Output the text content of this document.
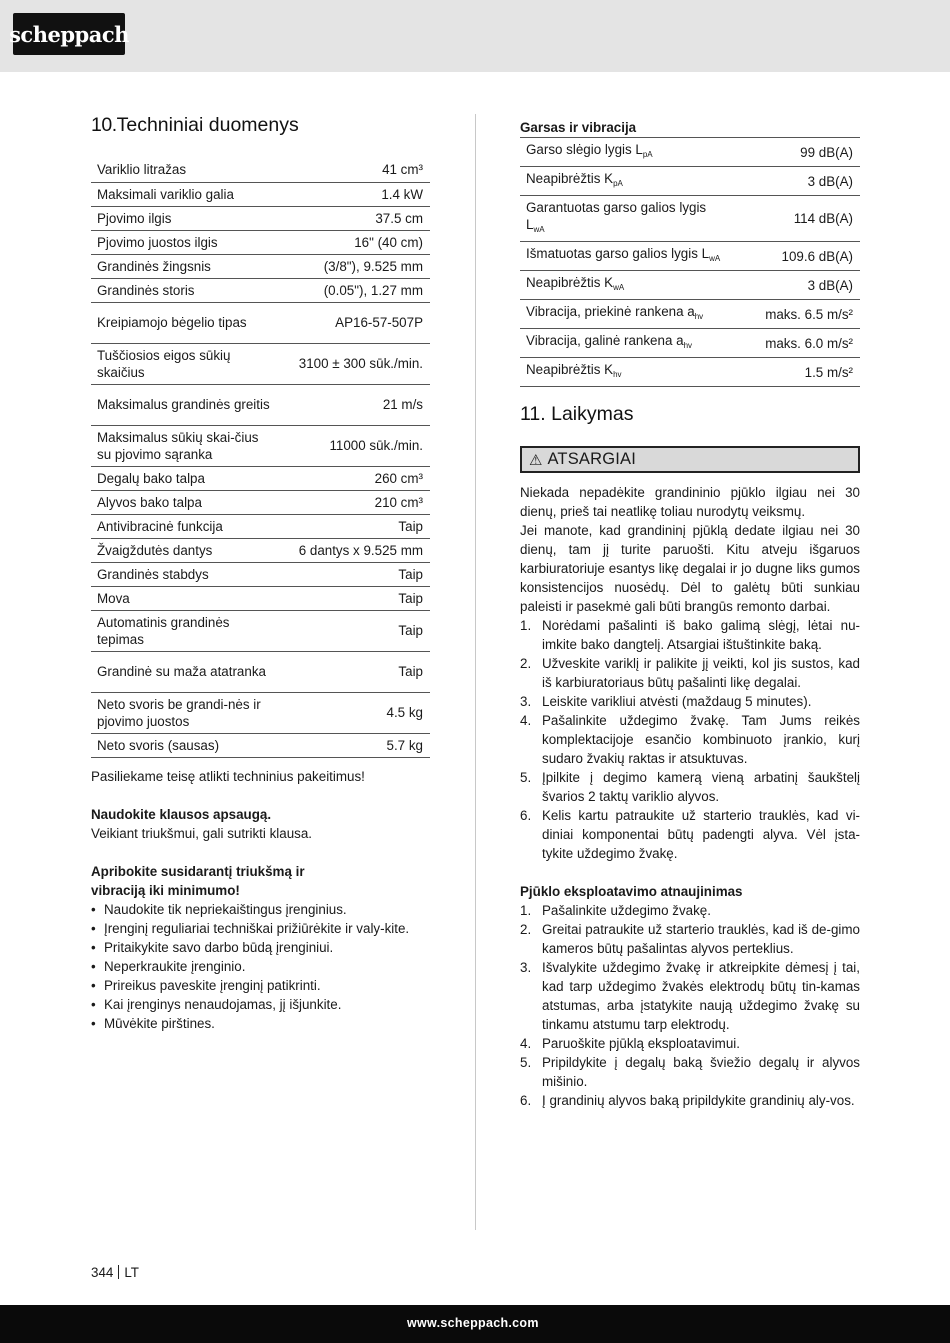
scheppach
10.Techniniai duomenys
Variklio litražas	41 cm³
Maksimali variklio galia	1.4 kW
Pjovimo ilgis	37.5 cm
Pjovimo juostos ilgis	16" (40 cm)
Grandinės žingsnis	(3/8"), 9.525 mm
Grandinės storis	(0.05"), 1.27 mm
Kreipiamojo bėgelio tipas	AP16-57-507P
Tuščiosios eigos sūkių skaičius	3100 ± 300 sūk./min.
Maksimalus grandinės greitis	21 m/s
Maksimalus sūkių skai-čius su pjovimo sąranka	11000 sūk./min.
Degalų bako talpa	260 cm³
Alyvos bako talpa	210 cm³
Antivibracinė funkcija	Taip
Žvaigždutės dantys	6 dantys x 9.525 mm
Grandinės stabdys	Taip
Mova	Taip
Automatinis grandinės tepimas	Taip
Grandinė su maža atatranka	Taip
Neto svoris be grandi-nės ir pjovimo juostos	4.5 kg
Neto svoris (sausas)	5.7 kg

Pasiliekame teisę atlikti techninius pakeitimus!

Naudokite klausos apsaugą.

Veikiant triukšmui, gali sutrikti klausa.

Apribokite susidarantį triukšmą ir vibraciją iki minimumo!

• Naudokite tik nepriekaištingus įrenginius.
• Įrenginį reguliariai techniškai prižiūrėkite ir valy-kite.
• Pritaikykite savo darbo būdą įrenginiui.
• Neperkraukite įrenginio.
• Prireikus paveskite įrenginį patikrinti.
• Kai įrenginys nenaudojamas, jį išjunkite.
• Mūvėkite pirštines.

Garsas ir vibracija

Garso slėgio lygis $L_{pA}$	99 dB(A)
Neapibrėžtis $K_{pA}$	3 dB(A)
Garantuotas garso galios lygis $L_{wA}$	114 dB(A)
Išmatuotas garso galios lygis $L_{wA}$	109.6 dB(A)
Neapibrėžtis $K_{wA}$	3 dB(A)
Vibracija, priekinė rankena $a_{hv}$	maks. 6.5 m/s²
Vibracija, galinė rankena $a_{hv}$	maks. 6.0 m/s²
Neapibrėžtis $K_{hv}$	1.5 m/s²
11. Laikymas
⚠ ATSARGIAI

Niekada nepadėkite grandininio pjūklo ilgiau nei 30 dienų, prieš tai neatlikę toliau nurodytų veiksmų.

Jei manote, kad grandininį pjūklą dedate ilgiau nei 30 dienų, tam jį turite paruošti. Kitu atveju išgaruos karbiuratoriuje esantys likę degalai ir jo dugne liks gumos konsistencijos nuosėdų. Dėl to galėtų būti sunkiau paleisti ir pasekmė gali būti brangūs remonto darbai.

1. Norėdami pašalinti iš bako galimą slėgį, lėtai nu-imkite bako dangtelį. Atsargiai ištuštinkite baką.
2. Užveskite variklį ir palikite jį veikti, kol jis sustos, kad iš karbiuratoriaus būtų pašalinti likę degalai.
3. Leiskite varikliui atvėsti (maždaug 5 minutes).
4. Pašalinkite uždegimo žvakę. Tam Jums reikės komplektacijoje esančio kombinuoto įrankio, kurį sudaro žvakių raktas ir atsuktuvas.
5. Įpilkite į degimo kamerą vieną arbatinį šaukštelį švarios 2 taktų variklio alyvos.
6. Kelis kartu patraukite už starterio trauklės, kad vi-diniai komponentai būtų padengti alyva. Vėl įsta-tykite uždegimo žvakę.

Pjūklo eksploatavimo atnaujinimas

1. Pašalinkite uždegimo žvakę.
2. Greitai patraukite už starterio trauklės, kad iš de-gimo kameros būtų pašalintas alyvos perteklius.
3. Išvalykite uždegimo žvakę ir atkreipkite dėmesį į tai, kad tarp uždegimo žvakės elektrodų būtų tin-kamas atstumas, arba įstatykite naują uždegimo žvakę su tinkamu atstumu tarp elektrodų.
4. Paruoškite pjūklą eksploatavimui.
5. Pripildykite į degalų baką šviežio degalų ir alyvos mišinio.
6. Į grandinių alyvos baką pripildykite grandinių aly-vos.
344 LT
www.scheppach.com
